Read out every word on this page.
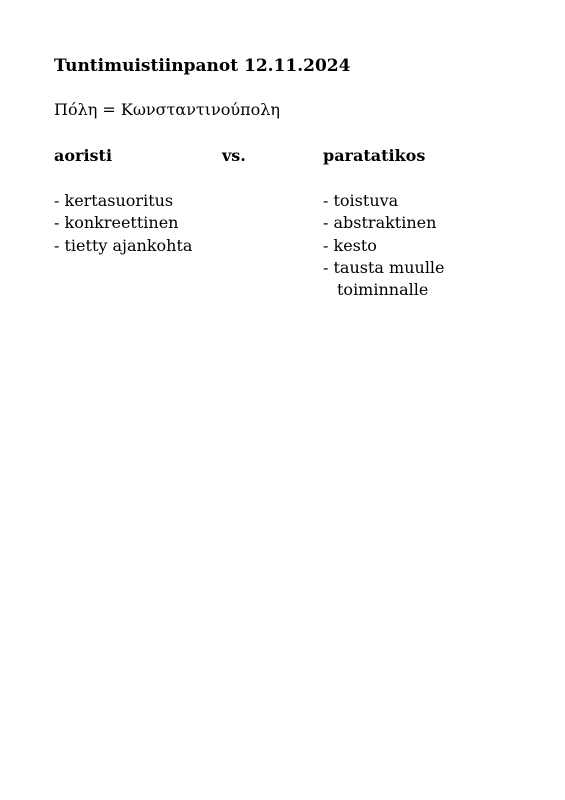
Tuntimuistiinpanot 12.11.2024
Πόλη = Κωνσταντινούπολη
aoristi	vs.	paratatikos
- kertasuoritus
- konkreettinen
- tietty ajankohta
- toistuva
- abstraktinen
- kesto
- tausta muulle
toiminnalle
